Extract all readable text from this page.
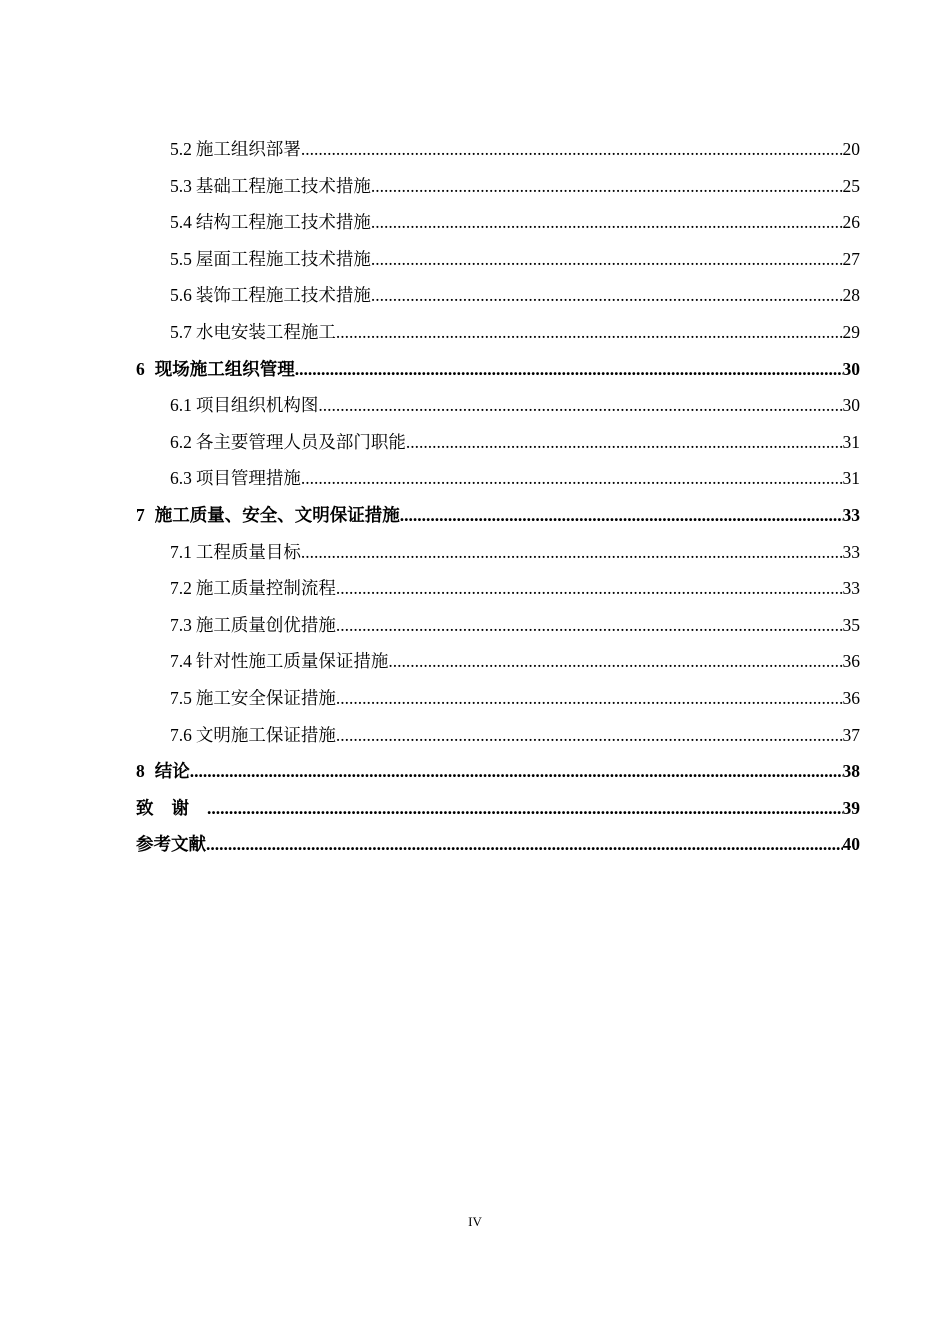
5.2 施工组织部署 .....	20
5.3 基础工程施工技术措施 .....	25
5.4 结构工程施工技术措施 .....	26
5.5 屋面工程施工技术措施 .....	27
5.6 装饰工程施工技术措施 .....	28
5.7 水电安装工程施工 .....	29
6 现场施工组织管理 .....	30
6.1 项目组织机构图 .....	30
6.2 各主要管理人员及部门职能 .....	31
6.3 项目管理措施 .....	31
7 施工质量、安全、文明保证措施 .....	33
7.1 工程质量目标 .....	33
7.2 施工质量控制流程 .....	33
7.3 施工质量创优措施 .....	35
7.4 针对性施工质量保证措施 .....	36
7.5 施工安全保证措施 .....	36
7.6 文明施工保证措施 .....	37
8 结论 .....	38
致谢 .....	39
参考文献 .....	40
IV
